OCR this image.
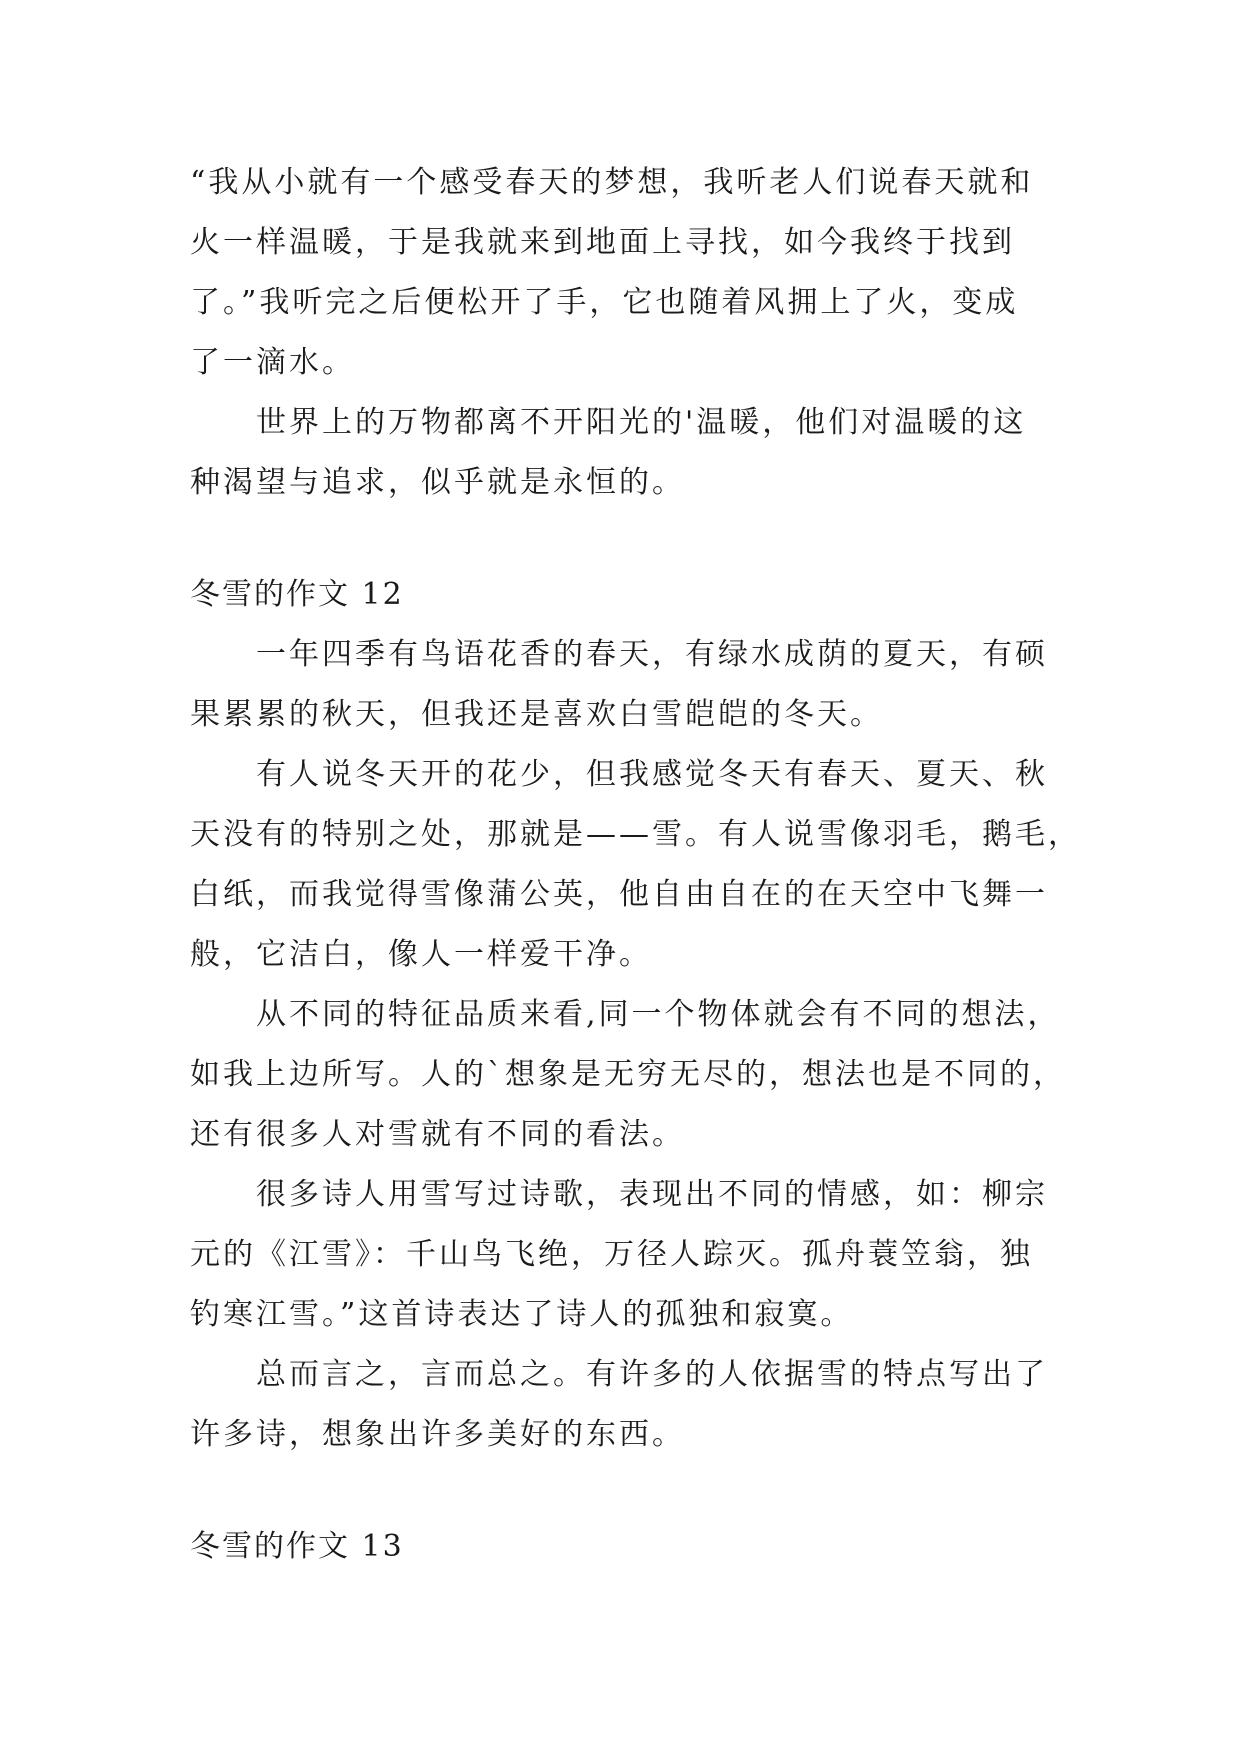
“我从小就有一个感受春天的梦想，我听老人们说春天就和

火一样温暖，于是我就来到地面上寻找，如今我终于找到

了。”我听完之后便松开了手，它也随着风拥上了火，变成

了一滴水。

世界上的万物都离不开阳光的'温暖，他们对温暖的这

种渴望与追求，似乎就是永恒的。

冬雪的作文 12

一年四季有鸟语花香的春天，有绿水成荫的夏天，有硕

果累累的秋天，但我还是喜欢白雪皑皑的冬天。

有人说冬天开的花少，但我感觉冬天有春天、夏天、秋

天没有的特别之处，那就是——雪。有人说雪像羽毛，鹅毛，

白纸，而我觉得雪像蒲公英，他自由自在的在天空中飞舞一

般，它洁白，像人一样爱干净。

从不同的特征品质来看,同一个物体就会有不同的想法，

如我上边所写。人的`想象是无穷无尽的，想法也是不同的，

还有很多人对雪就有不同的看法。

很多诗人用雪写过诗歌，表现出不同的情感，如：柳宗

元的《江雪》：千山鸟飞绝，万径人踪灭。孤舟蓑笠翁，独

钓寒江雪。”这首诗表达了诗人的孤独和寂寞。

总而言之，言而总之。有许多的人依据雪的特点写出了

许多诗，想象出许多美好的东西。

冬雪的作文 13
